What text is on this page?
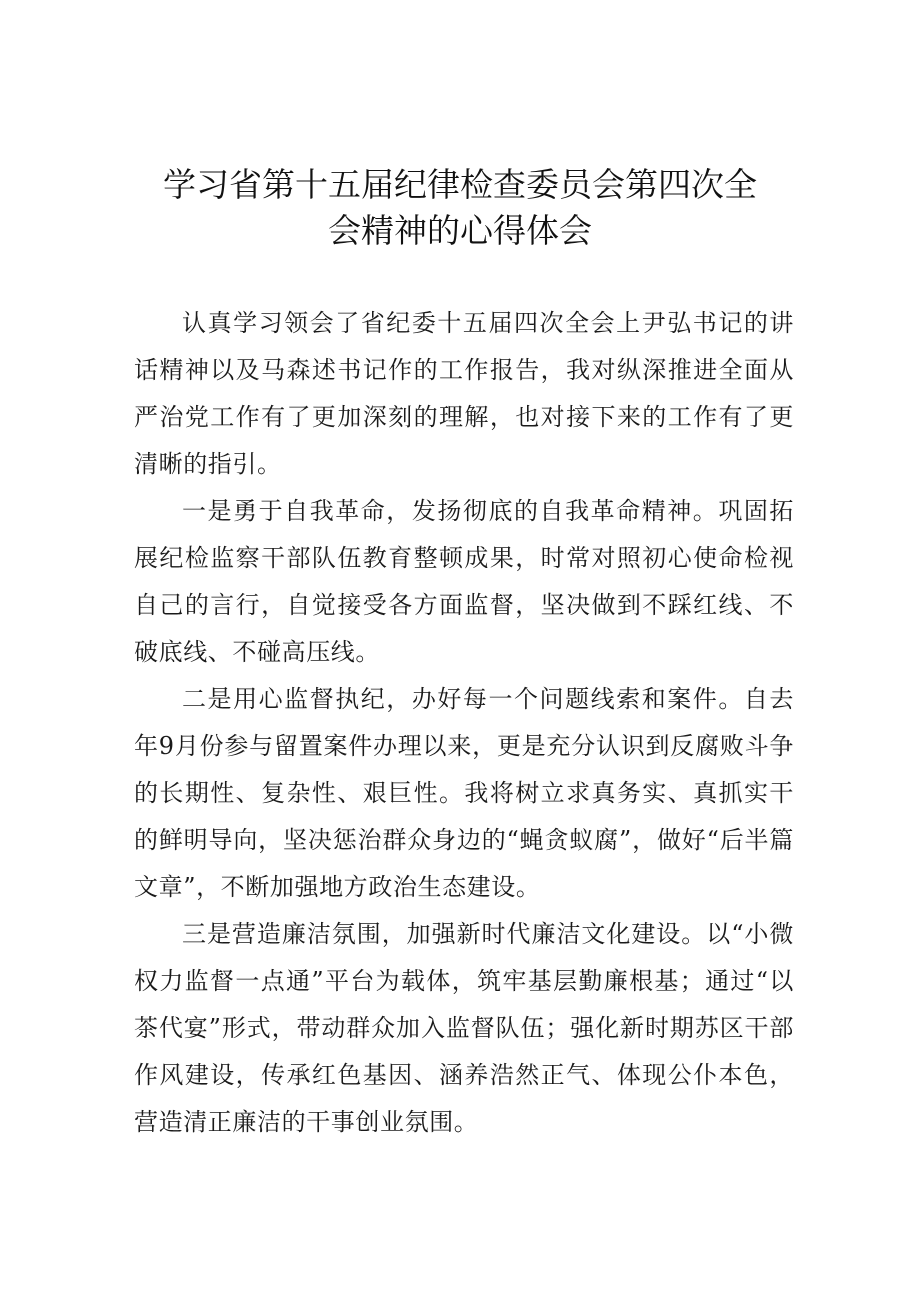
学习省第十五届纪律检查委员会第四次全
会精神的心得体会

认真学习领会了省纪委十五届四次全会上尹弘书记的讲话精神以及马森述书记作的工作报告，我对纵深推进全面从严治党工作有了更加深刻的理解，也对接下来的工作有了更清晰的指引。

一是勇于自我革命，发扬彻底的自我革命精神。巩固拓展纪检监察干部队伍教育整顿成果，时常对照初心使命检视自己的言行，自觉接受各方面监督，坚决做到不踩红线、不破底线、不碰高压线。

二是用心监督执纪，办好每一个问题线索和案件。自去年9月份参与留置案件办理以来，更是充分认识到反腐败斗争的长期性、复杂性、艰巨性。我将树立求真务实、真抓实干的鲜明导向，坚决惩治群众身边的“蝇贪蚁腐”，做好“后半篇文章”，不断加强地方政治生态建设。

三是营造廉洁氛围，加强新时代廉洁文化建设。以“小微权力监督一点通”平台为载体，筑牢基层勤廉根基；通过“以茶代宴”形式，带动群众加入监督队伍；强化新时期苏区干部作风建设，传承红色基因、涵养浩然正气、体现公仆本色，营造清正廉洁的干事创业氛围。
